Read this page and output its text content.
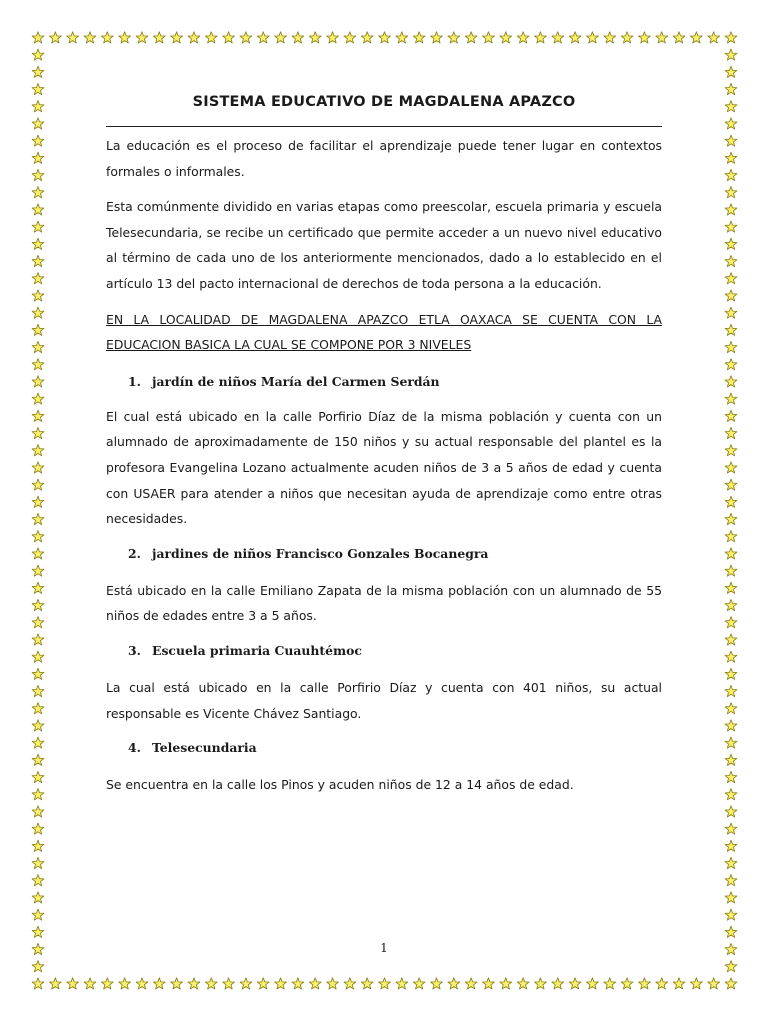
SISTEMA EDUCATIVO DE MAGDALENA APAZCO

La educación es el proceso de facilitar el aprendizaje puede tener lugar en contextos formales o informales.

Esta comúnmente dividido en varias etapas como preescolar, escuela primaria y escuela Telesecundaria, se recibe un certificado que permite acceder a un nuevo nivel educativo al término de cada uno de los anteriormente mencionados, dado a lo establecido en el artículo 13 del pacto internacional de derechos de toda persona a la educación.

EN LA LOCALIDAD DE MAGDALENA APAZCO ETLA OAXACA SE CUENTA CON LA EDUCACION BASICA LA CUAL SE COMPONE POR 3 NIVELES

1. jardín de niños María del Carmen Serdán

El cual está ubicado en la calle Porfirio Díaz de la misma población y cuenta con un alumnado de aproximadamente de 150 niños y su actual responsable del plantel es la profesora Evangelina Lozano actualmente acuden niños de 3 a 5 años de edad y cuenta con USAER para atender a niños que necesitan ayuda de aprendizaje como entre otras necesidades.

2. jardines de niños Francisco Gonzales Bocanegra

Está ubicado en la calle Emiliano Zapata de la misma población con un alumnado de 55 niños de edades entre 3 a 5 años.

3. Escuela primaria Cuauhtémoc

La cual está ubicado en la calle Porfirio Díaz y cuenta con 401 niños, su actual responsable es Vicente Chávez Santiago.

4. Telesecundaria

Se encuentra en la calle los Pinos y acuden niños de 12 a 14 años de edad.

1
